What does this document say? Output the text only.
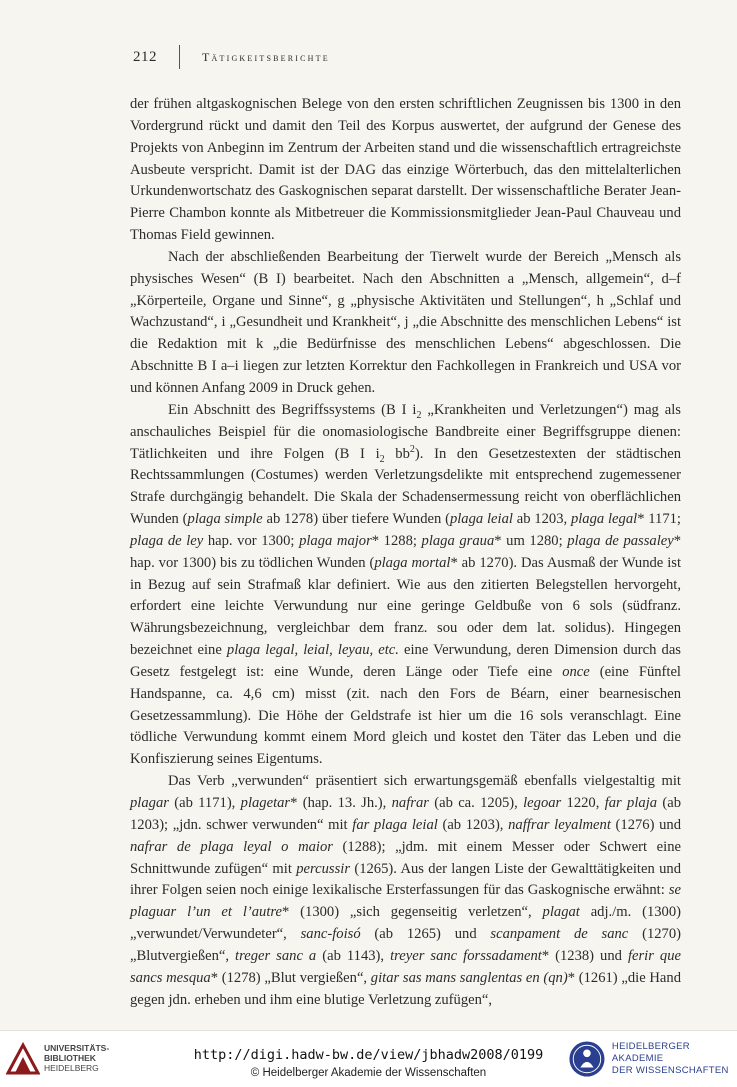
212	Tätigkeitsberichte

der frühen altgaskognischen Belege von den ersten schriftlichen Zeugnissen bis 1300 in den Vordergrund rückt und damit den Teil des Korpus auswertet, der aufgrund der Genese des Projekts von Anbeginn im Zentrum der Arbeiten stand und die wissenschaftlich ertragreichste Ausbeute verspricht. Damit ist der DAG das einzige Wörterbuch, das den mittelalterlichen Urkundenwortschatz des Gaskognischen separat darstellt. Der wissenschaftliche Berater Jean-Pierre Chambon konnte als Mitbetreuer die Kommissionsmitglieder Jean-Paul Chauveau und Thomas Field gewinnen.

Nach der abschließenden Bearbeitung der Tierwelt wurde der Bereich „Mensch als physisches Wesen“ (B I) bearbeitet. Nach den Abschnitten a „Mensch, allgemein“, d–f „Körperteile, Organe und Sinne“, g „physische Aktivitäten und Stellungen“, h „Schlaf und Wachzustand“, i „Gesundheit und Krankheit“, j „die Abschnitte des menschlichen Lebens“ ist die Redaktion mit k „die Bedürfnisse des menschlichen Lebens“ abgeschlossen. Die Abschnitte B I a–i liegen zur letzten Korrektur den Fachkollegen in Frankreich und USA vor und können Anfang 2009 in Druck gehen.

Ein Abschnitt des Begriffssystems (B I $i_2$ „Krankheiten und Verletzungen“) mag als anschauliches Beispiel für die onomasiologische Bandbreite einer Begriffsgruppe dienen: Tätlichkeiten und ihre Folgen (B I $i_2$ $bb^2$). In den Gesetzestexten der städtischen Rechtssammlungen (Costumes) werden Verletzungsdelikte mit entsprechend zugemessener Strafe durchgängig behandelt. Die Skala der Schadensermessung reicht von oberflächlichen Wunden (plaga simple ab 1278) über tiefere Wunden (plaga leial ab 1203, plaga legal* 1171; plaga de ley hap. vor 1300; plaga major* 1288; plaga graua* um 1280; plaga de passaley* hap. vor 1300) bis zu tödlichen Wunden (plaga mortal* ab 1270). Das Ausmaß der Wunde ist in Bezug auf sein Strafmaß klar definiert. Wie aus den zitierten Belegstellen hervorgeht, erfordert eine leichte Verwundung nur eine geringe Geldbuße von 6 sols (südfranz. Währungsbezeichnung, vergleichbar dem franz. sou oder dem lat. solidus). Hingegen bezeichnet eine plaga legal, leial, leyau, etc. eine Verwundung, deren Dimension durch das Gesetz festgelegt ist: eine Wunde, deren Länge oder Tiefe eine once (eine Fünftel Handspanne, ca. 4,6 cm) misst (zit. nach den Fors de Béarn, einer bearnesischen Gesetzessammlung). Die Höhe der Geldstrafe ist hier um die 16 sols veranschlagt. Eine tödliche Verwundung kommt einem Mord gleich und kostet den Täter das Leben und die Konfiszierung seines Eigentums.

Das Verb „verwunden“ präsentiert sich erwartungsgemäß ebenfalls vielgestaltig mit plagar (ab 1171), plagetar* (hap. 13. Jh.), nafrar (ab ca. 1205), legoar 1220, far plaja (ab 1203); „jdn. schwer verwunden“ mit far plaga leial (ab 1203), naffrar leyalment (1276) und nafrar de plaga leyal o maior (1288); „jdm. mit einem Messer oder Schwert eine Schnittwunde zufügen“ mit percussir (1265). Aus der langen Liste der Gewalttätigkeiten und ihrer Folgen seien noch einige lexikalische Ersterfassungen für das Gaskognische erwähnt: se plaguar l’un et l’autre* (1300) „sich gegenseitig verletzen“, plagat adj./m. (1300) „verwundet/Verwundeter“, sanc-foisó (ab 1265) und scanpament de sanc (1270) „Blutvergießen“, treger sanc a (ab 1143), treyer sanc forssadament* (1238) und ferir que sancs mesqua* (1278) „Blut vergießen“, gitar sas mans sanglentas en (qn)* (1261) „die Hand gegen jdn. erheben und ihm eine blutige Verletzung zufügen“,

UNIVERSITÄTS-
BIBLIOTHEK
HEIDELBERG
http://digi.hadw-bw.de/view/jbhadw2008/0199
© Heidelberger Akademie der Wissenschaften
HEIDELBERGER AKADEMIE
DER WISSENSCHAFTEN
